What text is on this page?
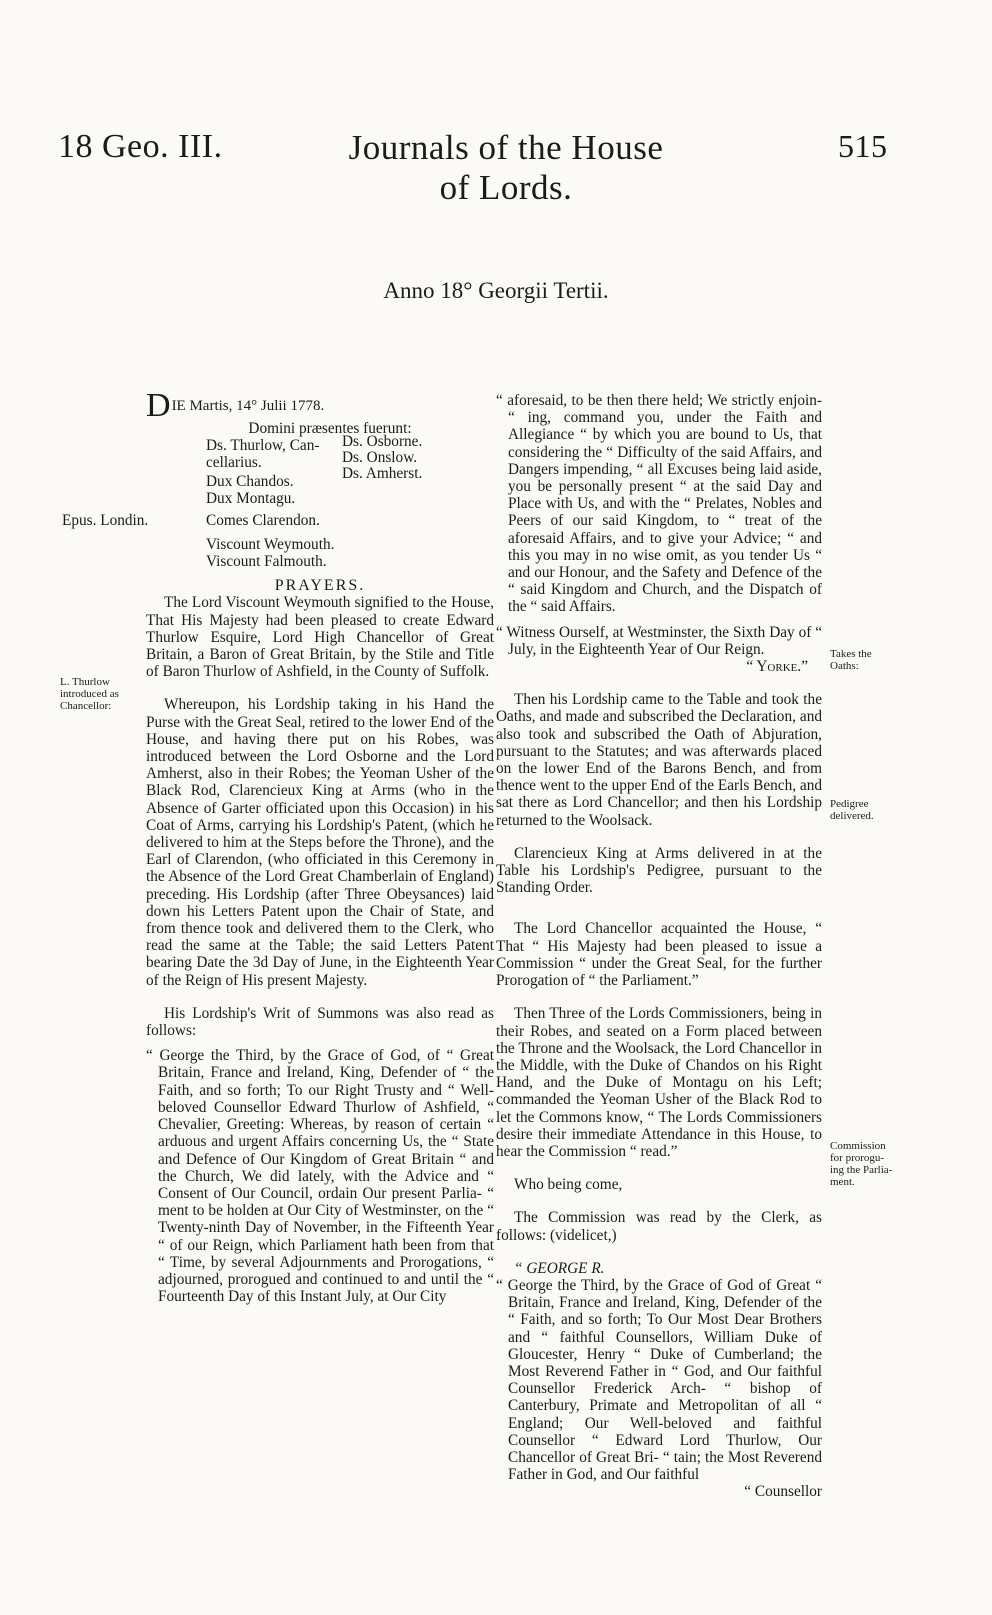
18 Geo. III.	Journals of the House of Lords.
515
Anno 18° Georgii Tertii.
Epus. Londin.
L. Thurlow
introduced as
Chancellor:
Takes the
Oaths:
Pedigree
delivered.
Commission
for prorogu-
ing the Parlia-
ment.

DIE Martis, 14° Julii 1778.

Domini præsentes fuerunt:

Ds. Thurlow, Can-
cellarius.
Dux Chandos.
Dux Montagu.
Comes Clarendon.
Viscount Weymouth.
Viscount Falmouth.
Ds. Osborne.
Ds. Onslow.
Ds. Amherst.

PRAYERS.

The Lord Viscount Weymouth signified to the House, That His Majesty had been pleased to create Edward Thurlow Esquire, Lord High Chancellor of Great Britain, a Baron of Great Britain, by the Stile and Title of Baron Thurlow of Ashfield, in the County of Suffolk.

Whereupon, his Lordship taking in his Hand the Purse with the Great Seal, retired to the lower End of the House, and having there put on his Robes, was introduced between the Lord Osborne and the Lord Amherst, also in their Robes; the Yeoman Usher of the Black Rod, Clarencieux King at Arms (who in the Absence of Garter officiated upon this Occasion) in his Coat of Arms, carrying his Lordship's Patent, (which he delivered to him at the Steps before the Throne), and the Earl of Clarendon, (who officiated in this Ceremony in the Absence of the Lord Great Chamberlain of England) preceding. His Lordship (after Three Obeysances) laid down his Letters Patent upon the Chair of State, and from thence took and delivered them to the Clerk, who read the same at the Table; the said Letters Patent bearing Date the 3d Day of June, in the Eighteenth Year of the Reign of His present Majesty.

His Lordship's Writ of Summons was also read as follows:

“ George the Third, by the Grace of God, of “ Great Britain, France and Ireland, King, Defender of “ the Faith, and so forth; To our Right Trusty and “ Well-beloved Counsellor Edward Thurlow of Ashfield, “ Chevalier, Greeting: Whereas, by reason of certain “ arduous and urgent Affairs concerning Us, the “ State and Defence of Our Kingdom of Great Britain “ and the Church, We did lately, with the Advice and “ Consent of Our Council, ordain Our present Parlia- “ ment to be holden at Our City of Westminster, on the “ Twenty-ninth Day of November, in the Fifteenth Year “ of our Reign, which Parliament hath been from that “ Time, by several Adjournments and Prorogations, “ adjourned, prorogued and continued to and until the “ Fourteenth Day of this Instant July, at Our City

“ aforesaid, to be then there held; We strictly enjoin- “ ing, command you, under the Faith and Allegiance “ by which you are bound to Us, that considering the “ Difficulty of the said Affairs, and Dangers impending, “ all Excuses being laid aside, you be personally present “ at the said Day and Place with Us, and with the “ Prelates, Nobles and Peers of our said Kingdom, to “ treat of the aforesaid Affairs, and to give your Advice; “ and this you may in no wise omit, as you tender Us “ and our Honour, and the Safety and Defence of the “ said Kingdom and Church, and the Dispatch of the “ said Affairs.

“ Witness Ourself, at Westminster, the Sixth Day of “ July, in the Eighteenth Year of Our Reign.

“ Yorke.”

Then his Lordship came to the Table and took the Oaths, and made and subscribed the Declaration, and also took and subscribed the Oath of Abjuration, pursuant to the Statutes; and was afterwards placed on the lower End of the Barons Bench, and from thence went to the upper End of the Earls Bench, and sat there as Lord Chancellor; and then his Lordship returned to the Woolsack.

Clarencieux King at Arms delivered in at the Table his Lordship's Pedigree, pursuant to the Standing Order.

The Lord Chancellor acquainted the House, “ That “ His Majesty had been pleased to issue a Commission “ under the Great Seal, for the further Prorogation of “ the Parliament.”

Then Three of the Lords Commissioners, being in their Robes, and seated on a Form placed between the Throne and the Woolsack, the Lord Chancellor in the Middle, with the Duke of Chandos on his Right Hand, and the Duke of Montagu on his Left; commanded the Yeoman Usher of the Black Rod to let the Commons know, “ The Lords Commissioners desire their immediate Attendance in this House, to hear the Commission “ read.”

Who being come,

The Commission was read by the Clerk, as follows: (videlicet,)

“ GEORGE R.

“ George the Third, by the Grace of God of Great “ Britain, France and Ireland, King, Defender of the “ Faith, and so forth; To Our Most Dear Brothers and “ faithful Counsellors, William Duke of Gloucester, Henry “ Duke of Cumberland; the Most Reverend Father in “ God, and Our faithful Counsellor Frederick Arch- “ bishop of Canterbury, Primate and Metropolitan of all “ England; Our Well-beloved and faithful Counsellor “ Edward Lord Thurlow, Our Chancellor of Great Bri- “ tain; the Most Reverend Father in God, and Our faithful

“ Counsellor
